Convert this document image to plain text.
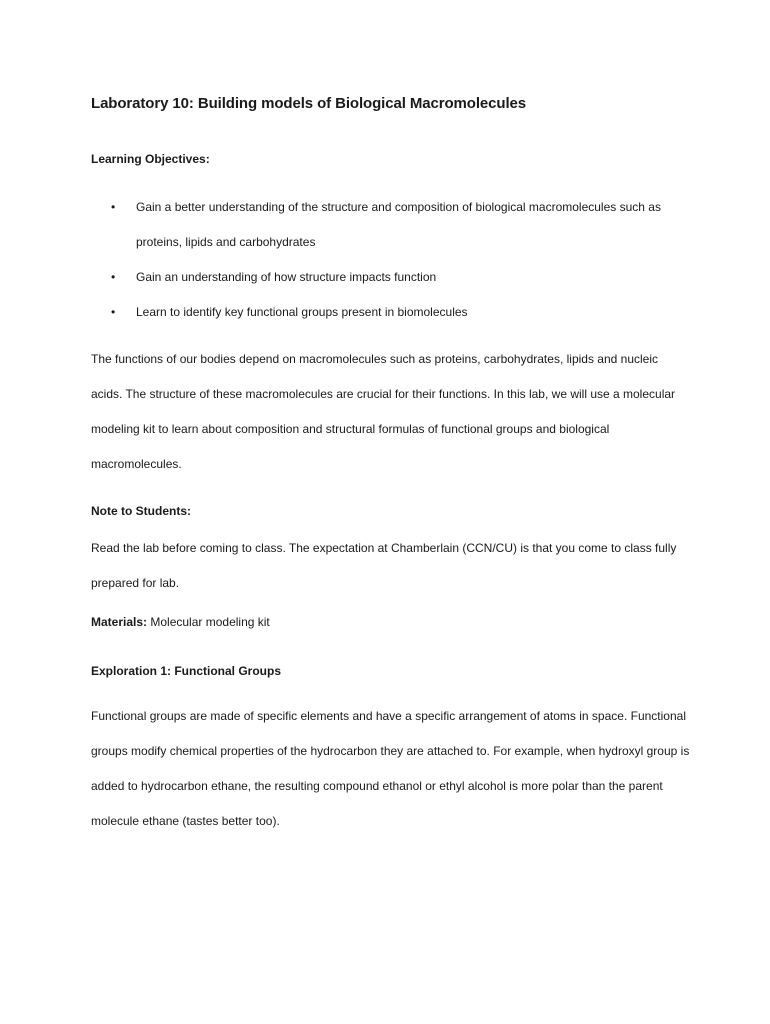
Laboratory 10: Building models of Biological Macromolecules

Learning Objectives:

• Gain a better understanding of the structure and composition of biological macromolecules such as proteins, lipids and carbohydrates
• Gain an understanding of how structure impacts function
• Learn to identify key functional groups present in biomolecules

The functions of our bodies depend on macromolecules such as proteins, carbohydrates, lipids and nucleic acids. The structure of these macromolecules are crucial for their functions. In this lab, we will use a molecular modeling kit to learn about composition and structural formulas of functional groups and biological macromolecules.

Note to Students:

Read the lab before coming to class. The expectation at Chamberlain (CCN/CU) is that you come to class fully prepared for lab.

Materials: Molecular modeling kit

Exploration 1: Functional Groups

Functional groups are made of specific elements and have a specific arrangement of atoms in space. Functional groups modify chemical properties of the hydrocarbon they are attached to. For example, when hydroxyl group is added to hydrocarbon ethane, the resulting compound ethanol or ethyl alcohol is more polar than the parent molecule ethane (tastes better too).
